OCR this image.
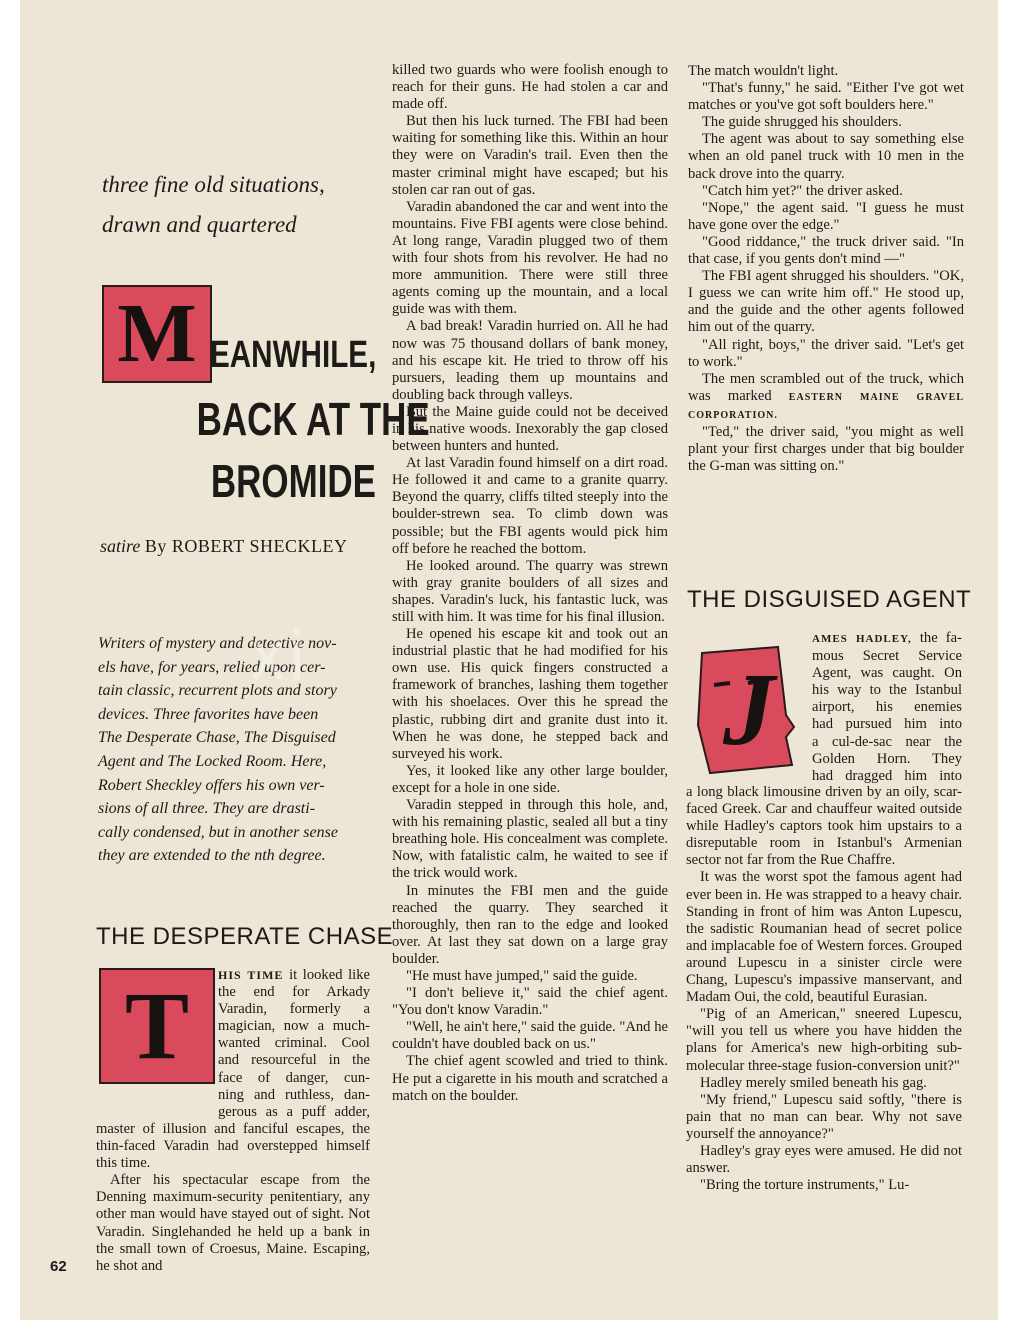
three fine old situations,
drawn and quartered
M EANWHILE,
BACK AT THE
BROMIDE
satire By ROBERT SHECKLEY
Writers of mystery and detective nov-
els have, for years, relied upon cer-
tain classic, recurrent plots and story
devices. Three favorites have been
The Desperate Chase, The Disguised
Agent and The Locked Room. Here,
Robert Sheckley offers his own ver-
sions of all three. They are drasti-
cally condensed, but in another sense
they are extended to the nth degree.
THE DESPERATE CHASE
T	HIS TIME it looked like
the end for Arkady
Varadin, formerly a
magician, now a much-
wanted criminal. Cool
and resourceful in the
face of danger, cun-
ning and ruthless, dan-
gerous as a puff adder,

master of illusion and fanciful escapes, the thin-faced Varadin had overstepped himself this time.

After his spectacular escape from the Denning maximum-security penitentiary, any other man would have stayed out of sight. Not Varadin. Singlehanded he held up a bank in the small town of Croesus, Maine. Escaping, he shot and

62

killed two guards who were foolish enough to reach for their guns. He had stolen a car and made off.

But then his luck turned. The FBI had been waiting for something like this. Within an hour they were on Varadin's trail. Even then the master criminal might have escaped; but his stolen car ran out of gas.

Varadin abandoned the car and went into the mountains. Five FBI agents were close behind. At long range, Varadin plugged two of them with four shots from his revolver. He had no more ammunition. There were still three agents coming up the mountain, and a local guide was with them.

A bad break! Varadin hurried on. All he had now was 75 thousand dollars of bank money, and his escape kit. He tried to throw off his pursuers, leading them up mountains and doubling back through valleys.

But the Maine guide could not be deceived in his native woods. Inexorably the gap closed between hunters and hunted.

At last Varadin found himself on a dirt road. He followed it and came to a granite quarry. Beyond the quarry, cliffs tilted steeply into the boulder-strewn sea. To climb down was possible; but the FBI agents would pick him off before he reached the bottom.

He looked around. The quarry was strewn with gray granite boulders of all sizes and shapes. Varadin's luck, his fantastic luck, was still with him. It was time for his final illusion.

He opened his escape kit and took out an industrial plastic that he had modified for his own use. His quick fingers constructed a framework of branches, lashing them together with his shoelaces. Over this he spread the plastic, rubbing dirt and granite dust into it. When he was done, he stepped back and surveyed his work.

Yes, it looked like any other large boulder, except for a hole in one side.

Varadin stepped in through this hole, and, with his remaining plastic, sealed all but a tiny breathing hole. His concealment was complete. Now, with fatalistic calm, he waited to see if the trick would work.

In minutes the FBI men and the guide reached the quarry. They searched it thoroughly, then ran to the edge and looked over. At last they sat down on a large gray boulder.

"He must have jumped," said the guide.

"I don't believe it," said the chief agent. "You don't know Varadin."

"Well, he ain't here," said the guide. "And he couldn't have doubled back on us."

The chief agent scowled and tried to think. He put a cigarette in his mouth and scratched a match on the boulder.

The match wouldn't light.

"That's funny," he said. "Either I've got wet matches or you've got soft boulders here."

The guide shrugged his shoulders.

The agent was about to say something else when an old panel truck with 10 men in the back drove into the quarry.

"Catch him yet?" the driver asked.

"Nope," the agent said. "I guess he must have gone over the edge."

"Good riddance," the truck driver said. "In that case, if you gents don't mind —"

The FBI agent shrugged his shoulders. "OK, I guess we can write him off." He stood up, and the guide and the other agents followed him out of the quarry.

"All right, boys," the driver said. "Let's get to work."

The men scrambled out of the truck, which was marked EASTERN MAINE GRAVEL CORPORATION.

"Ted," the driver said, "you might as well plant your first charges under that big boulder the G-man was sitting on."

THE DISGUISED AGENT
J
AMES HADLEY, the fa-
mous Secret Service
Agent, was caught. On
his way to the Istanbul
airport, his enemies
had pursued him into
a cul-de-sac near the
Golden Horn. They
had dragged him into

a long black limousine driven by an oily, scar-faced Greek. Car and chauffeur waited outside while Hadley's captors took him upstairs to a disreputable room in Istanbul's Armenian sector not far from the Rue Chaffre.

It was the worst spot the famous agent had ever been in. He was strapped to a heavy chair. Standing in front of him was Anton Lupescu, the sadistic Roumanian head of secret police and implacable foe of Western forces. Grouped around Lupescu in a sinister circle were Chang, Lupescu's impassive manservant, and Madam Oui, the cold, beautiful Eurasian.

"Pig of an American," sneered Lupescu, "will you tell us where you have hidden the plans for America's new high-orbiting sub-molecular three-stage fusion-conversion unit?"

Hadley merely smiled beneath his gag.

"My friend," Lupescu said softly, "there is pain that no man can bear. Why not save yourself the annoyance?"

Hadley's gray eyes were amused. He did not answer.

"Bring the torture instruments," Lu-

xi
